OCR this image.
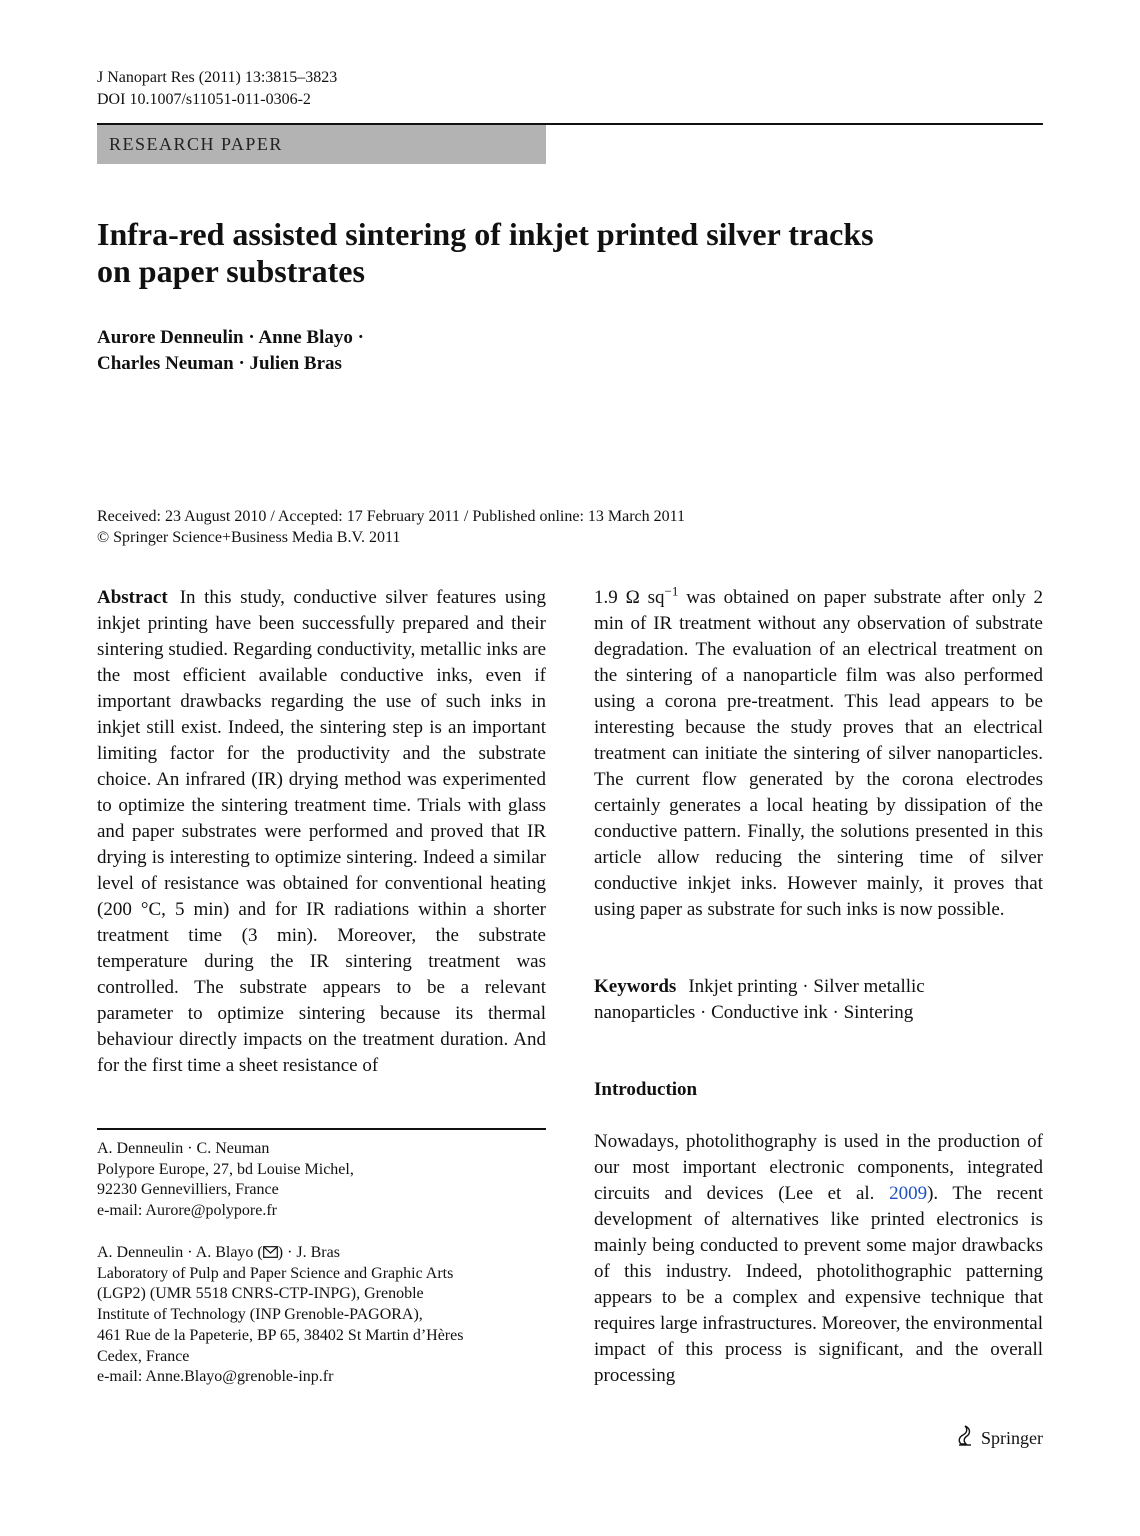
J Nanopart Res (2011) 13:3815–3823
DOI 10.1007/s11051-011-0306-2
RESEARCH PAPER
Infra-red assisted sintering of inkjet printed silver tracks
on paper substrates
Aurore Denneulin · Anne Blayo ·
Charles Neuman · Julien Bras
Received: 23 August 2010 / Accepted: 17 February 2011 / Published online: 13 March 2011
© Springer Science+Business Media B.V. 2011
Abstract In this study, conductive silver features using inkjet printing have been successfully prepared and their sintering studied. Regarding conductivity, metallic inks are the most efficient available conductive inks, even if important drawbacks regarding the use of such inks in inkjet still exist. Indeed, the sintering step is an important limiting factor for the productivity and the substrate choice. An infrared (IR) drying method was experimented to optimize the sintering treatment time. Trials with glass and paper substrates were performed and proved that IR drying is interesting to optimize sintering. Indeed a similar level of resistance was obtained for conventional heating (200 °C, 5 min) and for IR radiations within a shorter treatment time (3 min). Moreover, the substrate temperature during the IR sintering treatment was controlled. The substrate appears to be a relevant parameter to optimize sintering because its thermal behaviour directly impacts on the treatment duration. And for the first time a sheet resistance of
1.9 Ω $sq^{-1}$ was obtained on paper substrate after only 2 min of IR treatment without any observation of substrate degradation. The evaluation of an electrical treatment on the sintering of a nanoparticle film was also performed using a corona pre-treatment. This lead appears to be interesting because the study proves that an electrical treatment can initiate the sintering of silver nanoparticles. The current flow generated by the corona electrodes certainly generates a local heating by dissipation of the conductive pattern. Finally, the solutions presented in this article allow reducing the sintering time of silver conductive inkjet inks. However mainly, it proves that using paper as substrate for such inks is now possible.
Keywords Inkjet printing · Silver metallic
nanoparticles · Conductive ink · Sintering
Introduction
Nowadays, photolithography is used in the production of our most important electronic components, integrated circuits and devices (Lee et al. 2009). The recent development of alternatives like printed electronics is mainly being conducted to prevent some major drawbacks of this industry. Indeed, photolithographic patterning appears to be a complex and expensive technique that requires large infrastructures. Moreover, the environmental impact of this process is significant, and the overall processing
A. Denneulin · C. Neuman
Polypore Europe, 27, bd Louise Michel,
92230 Gennevilliers, France
e-mail: Aurore@polypore.fr
A. Denneulin · A. Blayo ( ) · J. Bras
Laboratory of Pulp and Paper Science and Graphic Arts
(LGP2) (UMR 5518 CNRS-CTP-INPG), Grenoble
Institute of Technology (INP Grenoble-PAGORA),
461 Rue de la Papeterie, BP 65, 38402 St Martin d’Hères
Cedex, France
e-mail: Anne.Blayo@grenoble-inp.fr
Springer
